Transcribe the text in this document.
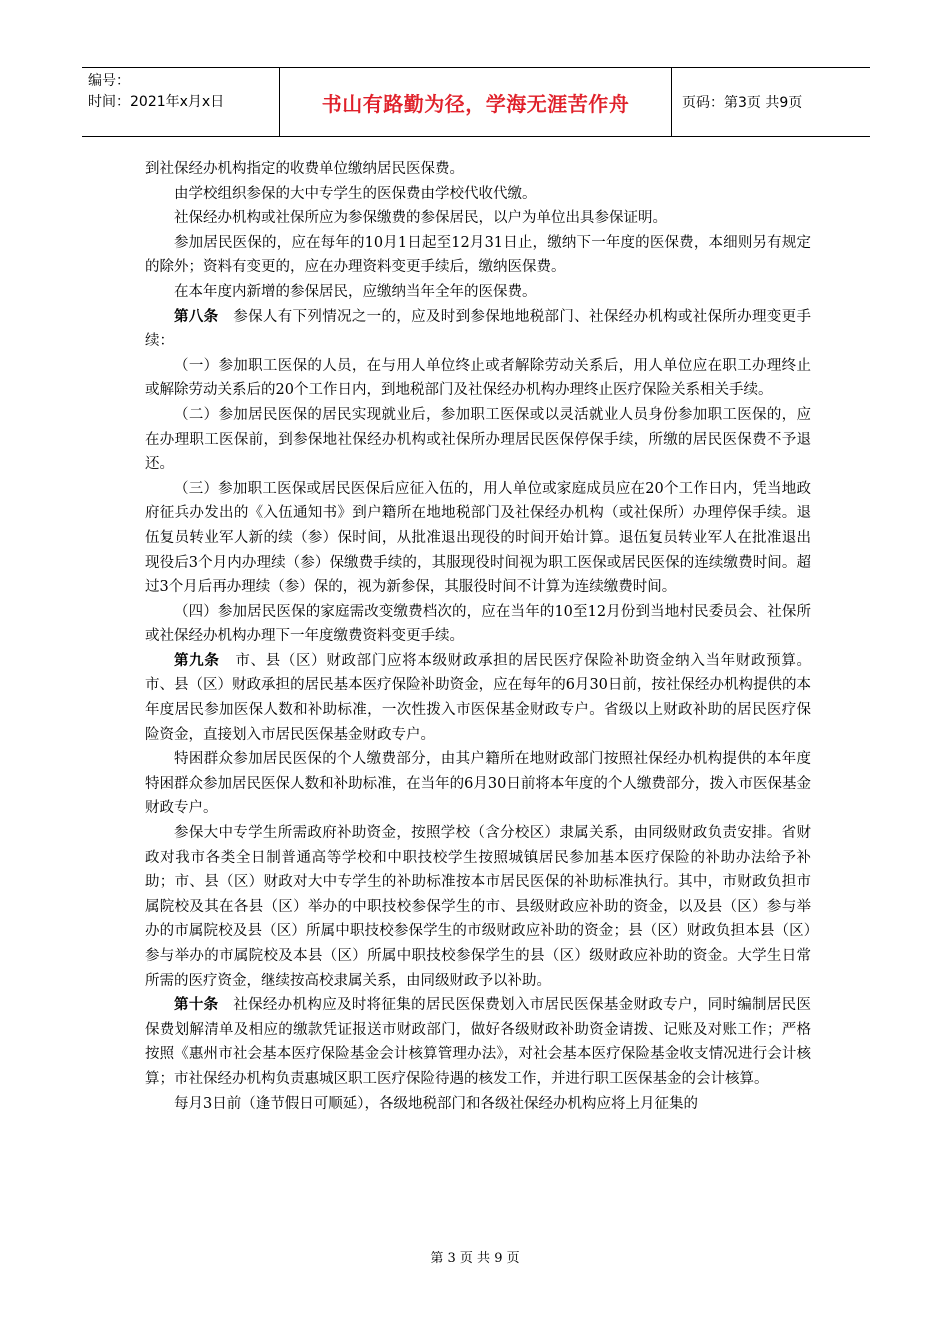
编号：
时间：2021年x月x日	书山有路勤为径，学海无涯苦作舟	页码：第3页 共9页

到社保经办机构指定的收费单位缴纳居民医保费。

由学校组织参保的大中专学生的医保费由学校代收代缴。

社保经办机构或社保所应为参保缴费的参保居民，以户为单位出具参保证明。

参加居民医保的，应在每年的10月1日起至12月31日止，缴纳下一年度的医保费，本细则另有规定的除外；资料有变更的，应在办理资料变更手续后，缴纳医保费。

在本年度内新增的参保居民，应缴纳当年全年的医保费。

第八条 参保人有下列情况之一的，应及时到参保地地税部门、社保经办机构或社保所办理变更手续：

（一）参加职工医保的人员，在与用人单位终止或者解除劳动关系后，用人单位应在职工办理终止或解除劳动关系后的20个工作日内，到地税部门及社保经办机构办理终止医疗保险关系相关手续。

（二）参加居民医保的居民实现就业后，参加职工医保或以灵活就业人员身份参加职工医保的，应在办理职工医保前，到参保地社保经办机构或社保所办理居民医保停保手续，所缴的居民医保费不予退还。

（三）参加职工医保或居民医保后应征入伍的，用人单位或家庭成员应在20个工作日内，凭当地政府征兵办发出的《入伍通知书》到户籍所在地地税部门及社保经办机构（或社保所）办理停保手续。退伍复员转业军人新的续（参）保时间，从批准退出现役的时间开始计算。退伍复员转业军人在批准退出现役后3个月内办理续（参）保缴费手续的，其服现役时间视为职工医保或居民医保的连续缴费时间。超过3个月后再办理续（参）保的，视为新参保，其服役时间不计算为连续缴费时间。

（四）参加居民医保的家庭需改变缴费档次的，应在当年的10至12月份到当地村民委员会、社保所或社保经办机构办理下一年度缴费资料变更手续。

第九条 市、县（区）财政部门应将本级财政承担的居民医疗保险补助资金纳入当年财政预算。市、县（区）财政承担的居民基本医疗保险补助资金，应在每年的6月30日前，按社保经办机构提供的本年度居民参加医保人数和补助标准，一次性拨入市医保基金财政专户。省级以上财政补助的居民医疗保险资金，直接划入市居民医保基金财政专户。

特困群众参加居民医保的个人缴费部分，由其户籍所在地财政部门按照社保经办机构提供的本年度特困群众参加居民医保人数和补助标准，在当年的6月30日前将本年度的个人缴费部分，拨入市医保基金财政专户。

参保大中专学生所需政府补助资金，按照学校（含分校区）隶属关系，由同级财政负责安排。省财政对我市各类全日制普通高等学校和中职技校学生按照城镇居民参加基本医疗保险的补助办法给予补助；市、县（区）财政对大中专学生的补助标准按本市居民医保的补助标准执行。其中，市财政负担市属院校及其在各县（区）举办的中职技校参保学生的市、县级财政应补助的资金，以及县（区）参与举办的市属院校及县（区）所属中职技校参保学生的市级财政应补助的资金；县（区）财政负担本县（区）参与举办的市属院校及本县（区）所属中职技校参保学生的县（区）级财政应补助的资金。大学生日常所需的医疗资金，继续按高校隶属关系，由同级财政予以补助。

第十条 社保经办机构应及时将征集的居民医保费划入市居民医保基金财政专户，同时编制居民医保费划解清单及相应的缴款凭证报送市财政部门，做好各级财政补助资金请拨、记账及对账工作；严格按照《惠州市社会基本医疗保险基金会计核算管理办法》，对社会基本医疗保险基金收支情况进行会计核算；市社保经办机构负责惠城区职工医疗保险待遇的核发工作，并进行职工医保基金的会计核算。

每月3日前（逢节假日可顺延），各级地税部门和各级社保经办机构应将上月征集的

第 3 页 共 9 页
